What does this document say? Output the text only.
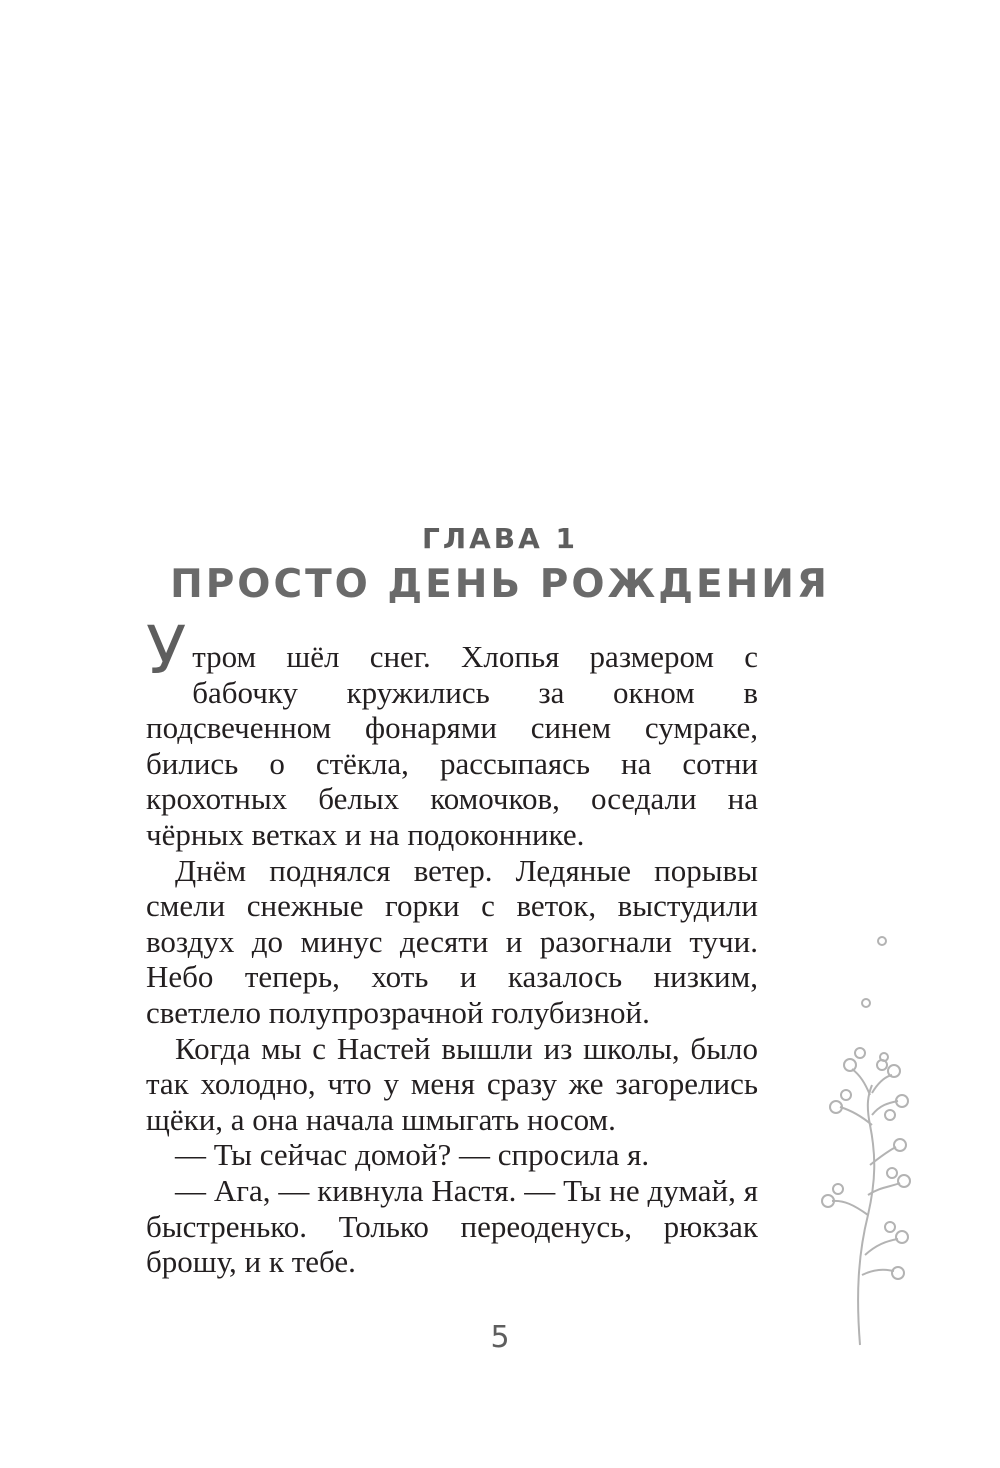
ГЛАВА 1
ПРОСТО ДЕНЬ РОЖДЕНИЯ

Утром шёл снег. Хлопья размером с бабочку кружились за окном в подсвеченном фонарями синем сумраке, бились о стёкла, рассыпаясь на сотни крохотных белых комочков, оседали на чёрных ветках и на подоконнике.

Днём поднялся ветер. Ледяные порывы смели снежные горки с веток, выстудили воздух до минус десяти и разогнали тучи. Небо теперь, хоть и казалось низким, светлело полупрозрачной голубизной.

Когда мы с Настей вышли из школы, было так холодно, что у меня сразу же загорелись щёки, а она начала шмыгать носом.

— Ты сейчас домой? — спросила я.

— Ага, — кивнула Настя. — Ты не думай, я быстренько. Только переоденусь, рюкзак брошу, и к тебе.

5
